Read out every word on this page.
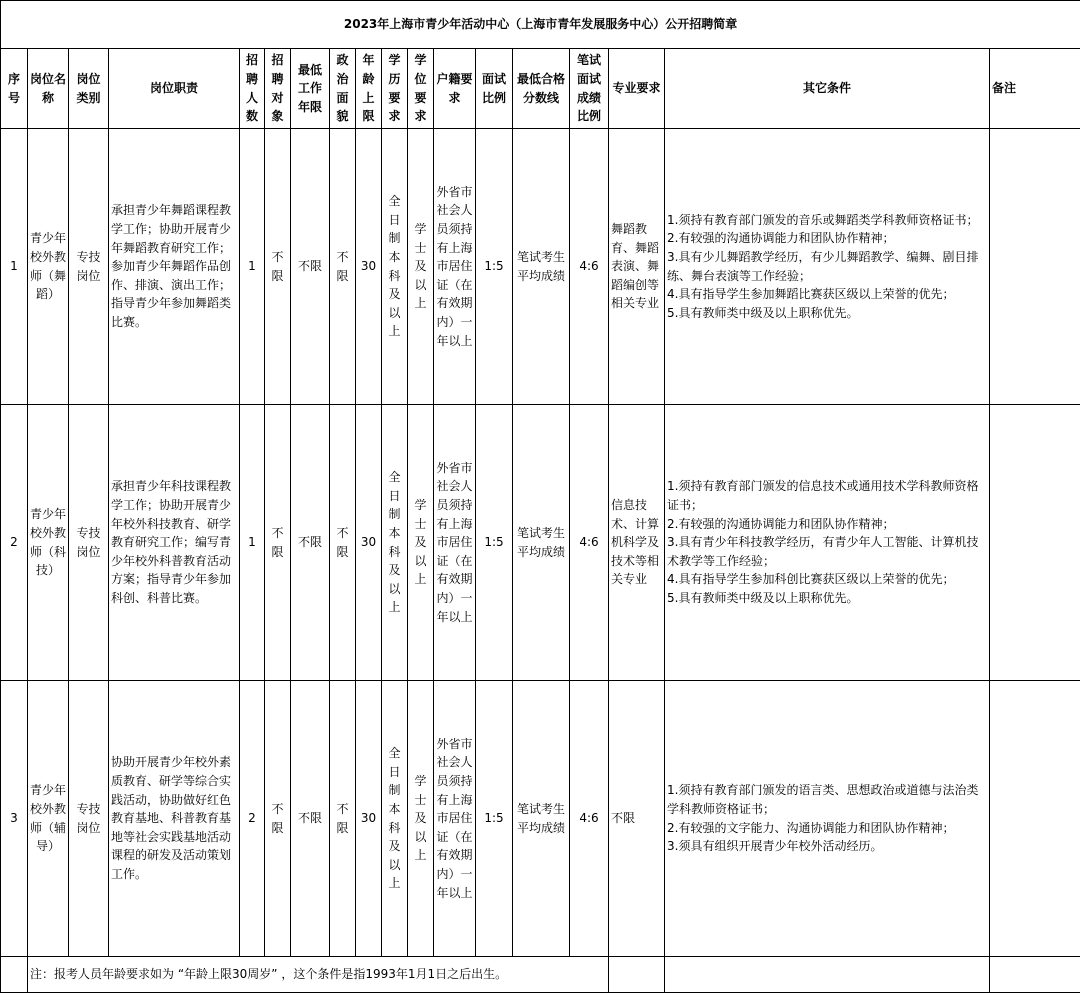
2023年上海市青少年活动中心（上海市青年发展服务中心）公开招聘简章																	
序号	岗位名称	岗位类别	岗位职责	招聘人数	招聘对象	最低工作年限	政治面貌	年龄上限	学历要求	学位要求	户籍要求	面试比例	最低合格分数线	笔试面试成绩比例	专业要求	其它条件	备注
1	青少年校外教师（舞蹈）	专技岗位	承担青少年舞蹈课程教学工作；协助开展青少年舞蹈教育研究工作；参加青少年舞蹈作品创作、排演、演出工作；指导青少年参加舞蹈类比赛。	1	不限	不限	不限	30	全日制本科及以上	学士及以上	外省市社会人员须持有上海市居住证（在有效期内）一年以上	1:5	笔试考生平均成绩	4:6	舞蹈教育、舞蹈表演、舞蹈编创等相关专业	1.须持有教育部门颁发的音乐或舞蹈类学科教师资格证书；
2.有较强的沟通协调能力和团队协作精神；
3.具有少儿舞蹈教学经历，有少儿舞蹈教学、编舞、剧目排练、舞台表演等工作经验；
4.具有指导学生参加舞蹈比赛获区级以上荣誉的优先；
5.具有教师类中级及以上职称优先。	

2	青少年校外教师（科技）	专技岗位	承担青少年科技课程教学工作；协助开展青少年校外科技教育、研学教育研究工作；编写青少年校外科普教育活动方案；指导青少年参加科创、科普比赛。	1	不限	不限	不限	30	全日制本科及以上	学士及以上	外省市社会人员须持有上海市居住证（在有效期内）一年以上	1:5	笔试考生平均成绩	4:6	信息技术、计算机科学及技术等相关专业	1.须持有教育部门颁发的信息技术或通用技术学科教师资格证书；
2.有较强的沟通协调能力和团队协作精神；
3.具有青少年科技教学经历，有青少年人工智能、计算机技术教学等工作经验；
4.具有指导学生参加科创比赛获区级以上荣誉的优先；
5.具有教师类中级及以上职称优先。	

3	青少年校外教师（辅导）	专技岗位	协助开展青少年校外素质教育、研学等综合实践活动，协助做好红色教育基地、科普教育基地等社会实践基地活动课程的研发及活动策划工作。	2	不限	不限	不限	30	全日制本科及以上	学士及以上	外省市社会人员须持有上海市居住证（在有效期内）一年以上	1:5	笔试考生平均成绩	4:6	不限	1.须持有教育部门颁发的语言类、思想政治或道德与法治类学科教师资格证书；
2.有较强的文字能力、沟通协调能力和团队协作精神；
3.须具有组织开展青少年校外活动经历。	

	注：报考人员年龄要求如为 “年龄上限30周岁” ，这个条件是指1993年1月1日之后出生。																
